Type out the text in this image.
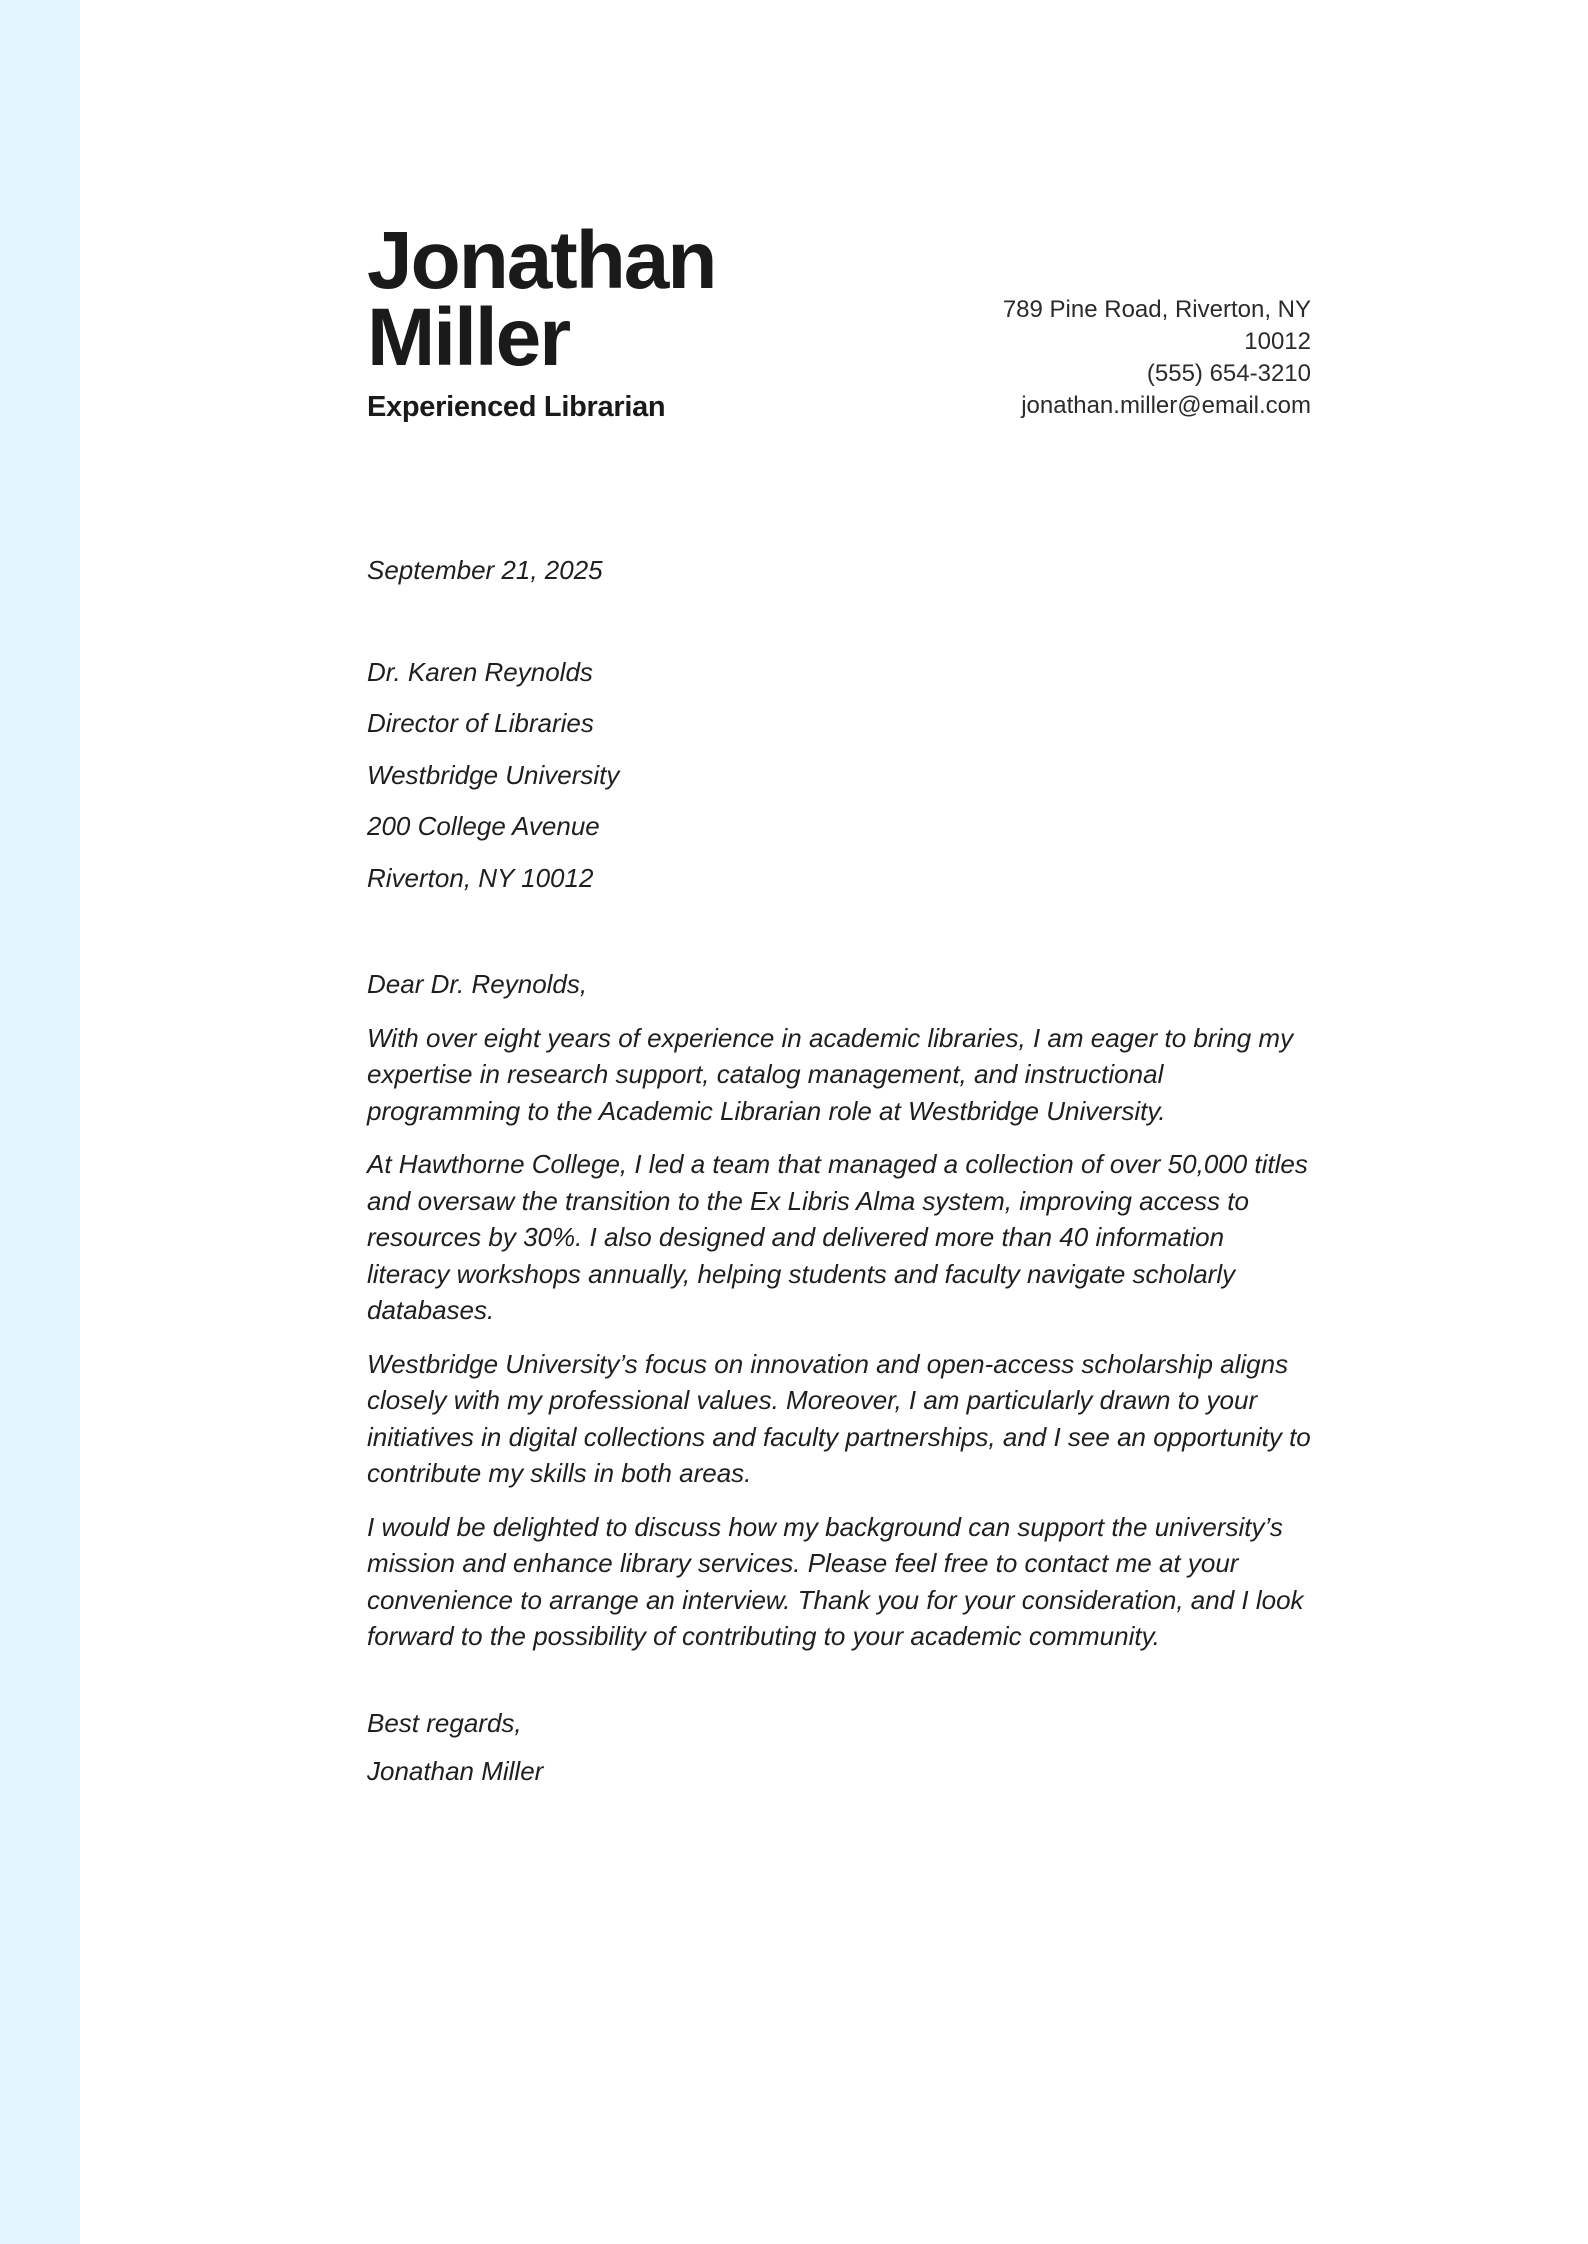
Jonathan
Miller
Experienced Librarian
789 Pine Road, Riverton, NY
10012
(555) 654-3210
jonathan.miller@email.com
September 21, 2025

Dr. Karen Reynolds

Director of Libraries

Westbridge University

200 College Avenue

Riverton, NY 10012

Dear Dr. Reynolds,

With over eight years of experience in academic libraries, I am eager to bring my expertise in research support, catalog management, and instructional programming to the Academic Librarian role at Westbridge University.

At Hawthorne College, I led a team that managed a collection of over 50,000 titles and oversaw the transition to the Ex Libris Alma system, improving access to resources by 30%. I also designed and delivered more than 40 information literacy workshops annually, helping students and faculty navigate scholarly databases.

Westbridge University’s focus on innovation and open-access scholarship aligns closely with my professional values. Moreover, I am particularly drawn to your initiatives in digital collections and faculty partnerships, and I see an opportunity to contribute my skills in both areas.

I would be delighted to discuss how my background can support the university’s mission and enhance library services. Please feel free to contact me at your convenience to arrange an interview. Thank you for your consideration, and I look forward to the possibility of contributing to your academic community.

Best regards,

Jonathan Miller
